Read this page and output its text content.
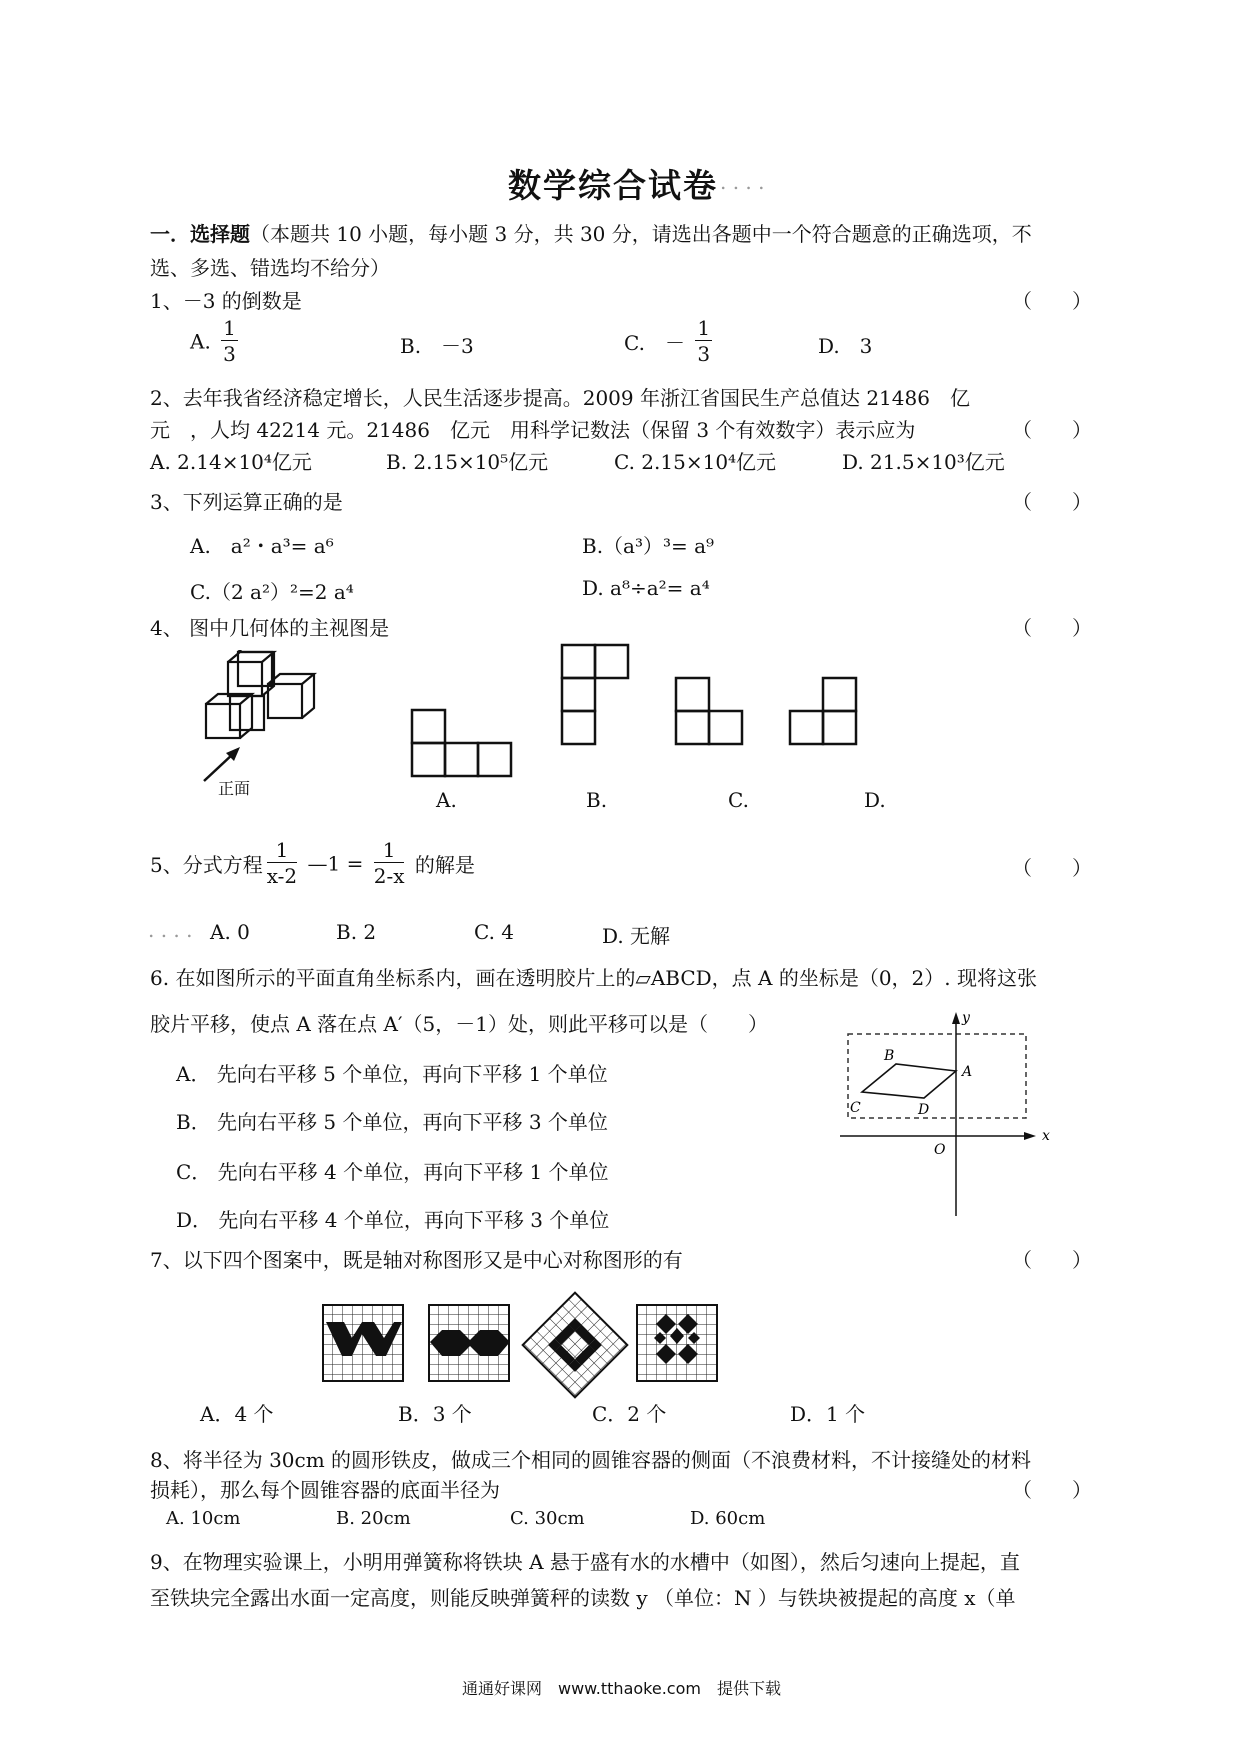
数学综合试卷 . . . .
一．选择题（本题共 10 小题，每小题 3 分，共 30 分，请选出各题中一个符合题意的正确选项，不
选、多选、错选均不给分）
1、－3 的倒数是	（　　）
A. $\frac{1}{3}$	B.　－3	C.　－ $\frac{1}{3}$	D.　3
2、去年我省经济稳定增长，人民生活逐步提高。2009 年浙江省国民生产总值达 21486　亿
元　，人均 42214 元。21486　亿元　用科学记数法（保留 3 个有效数字）表示应为	（　　）
A. 2.14×10⁴亿元	B. 2.15×10⁵亿元	C. 2.15×10⁴亿元	D. 21.5×10³亿元
3、下列运算正确的是	（　　）
A.　a²・a³= a⁶	B.（a³）³= a⁹
C.（2 a²）²=2 a⁴	D. a⁸÷a²= a⁴
4、 图中几何体的主视图是	（　　）
正面	A.	B.	C.	D.
5、分式方程 $\frac{1}{x-2}$ —1 = $\frac{1}{2-x}$ 的解是	（　　）
. . . . A. 0	B. 2	C. 4	D. 无解
6. 在如图所示的平面直角坐标系内，画在透明胶片上的▱ABCD，点 A 的坐标是（0，2）. 现将这张
胶片平移，使点 A 落在点 A′（5，－1）处，则此平移可以是（　　）
A． 先向右平移 5 个单位，再向下平移 1 个单位
B． 先向右平移 5 个单位，再向下平移 3 个单位
C． 先向右平移 4 个单位，再向下平移 1 个单位
D． 先向右平移 4 个单位，再向下平移 3 个单位
y
x
O
A
B
C	D
7、以下四个图案中，既是轴对称图形又是中心对称图形的有	（　　）
A．4 个	B．3 个	C．2 个	D．1 个
8、将半径为 30cm 的圆形铁皮，做成三个相同的圆锥容器的侧面（不浪费材料，不计接缝处的材料
损耗），那么每个圆锥容器的底面半径为	（　　）
A. 10cm	B. 20cm	C. 30cm	D. 60cm
9、在物理实验课上，小明用弹簧称将铁块 A 悬于盛有水的水槽中（如图），然后匀速向上提起，直
至铁块完全露出水面一定高度，则能反映弹簧秤的读数 y （单位：N ）与铁块被提起的高度 x（单
通通好课网　www.tthaoke.com　提供下载
